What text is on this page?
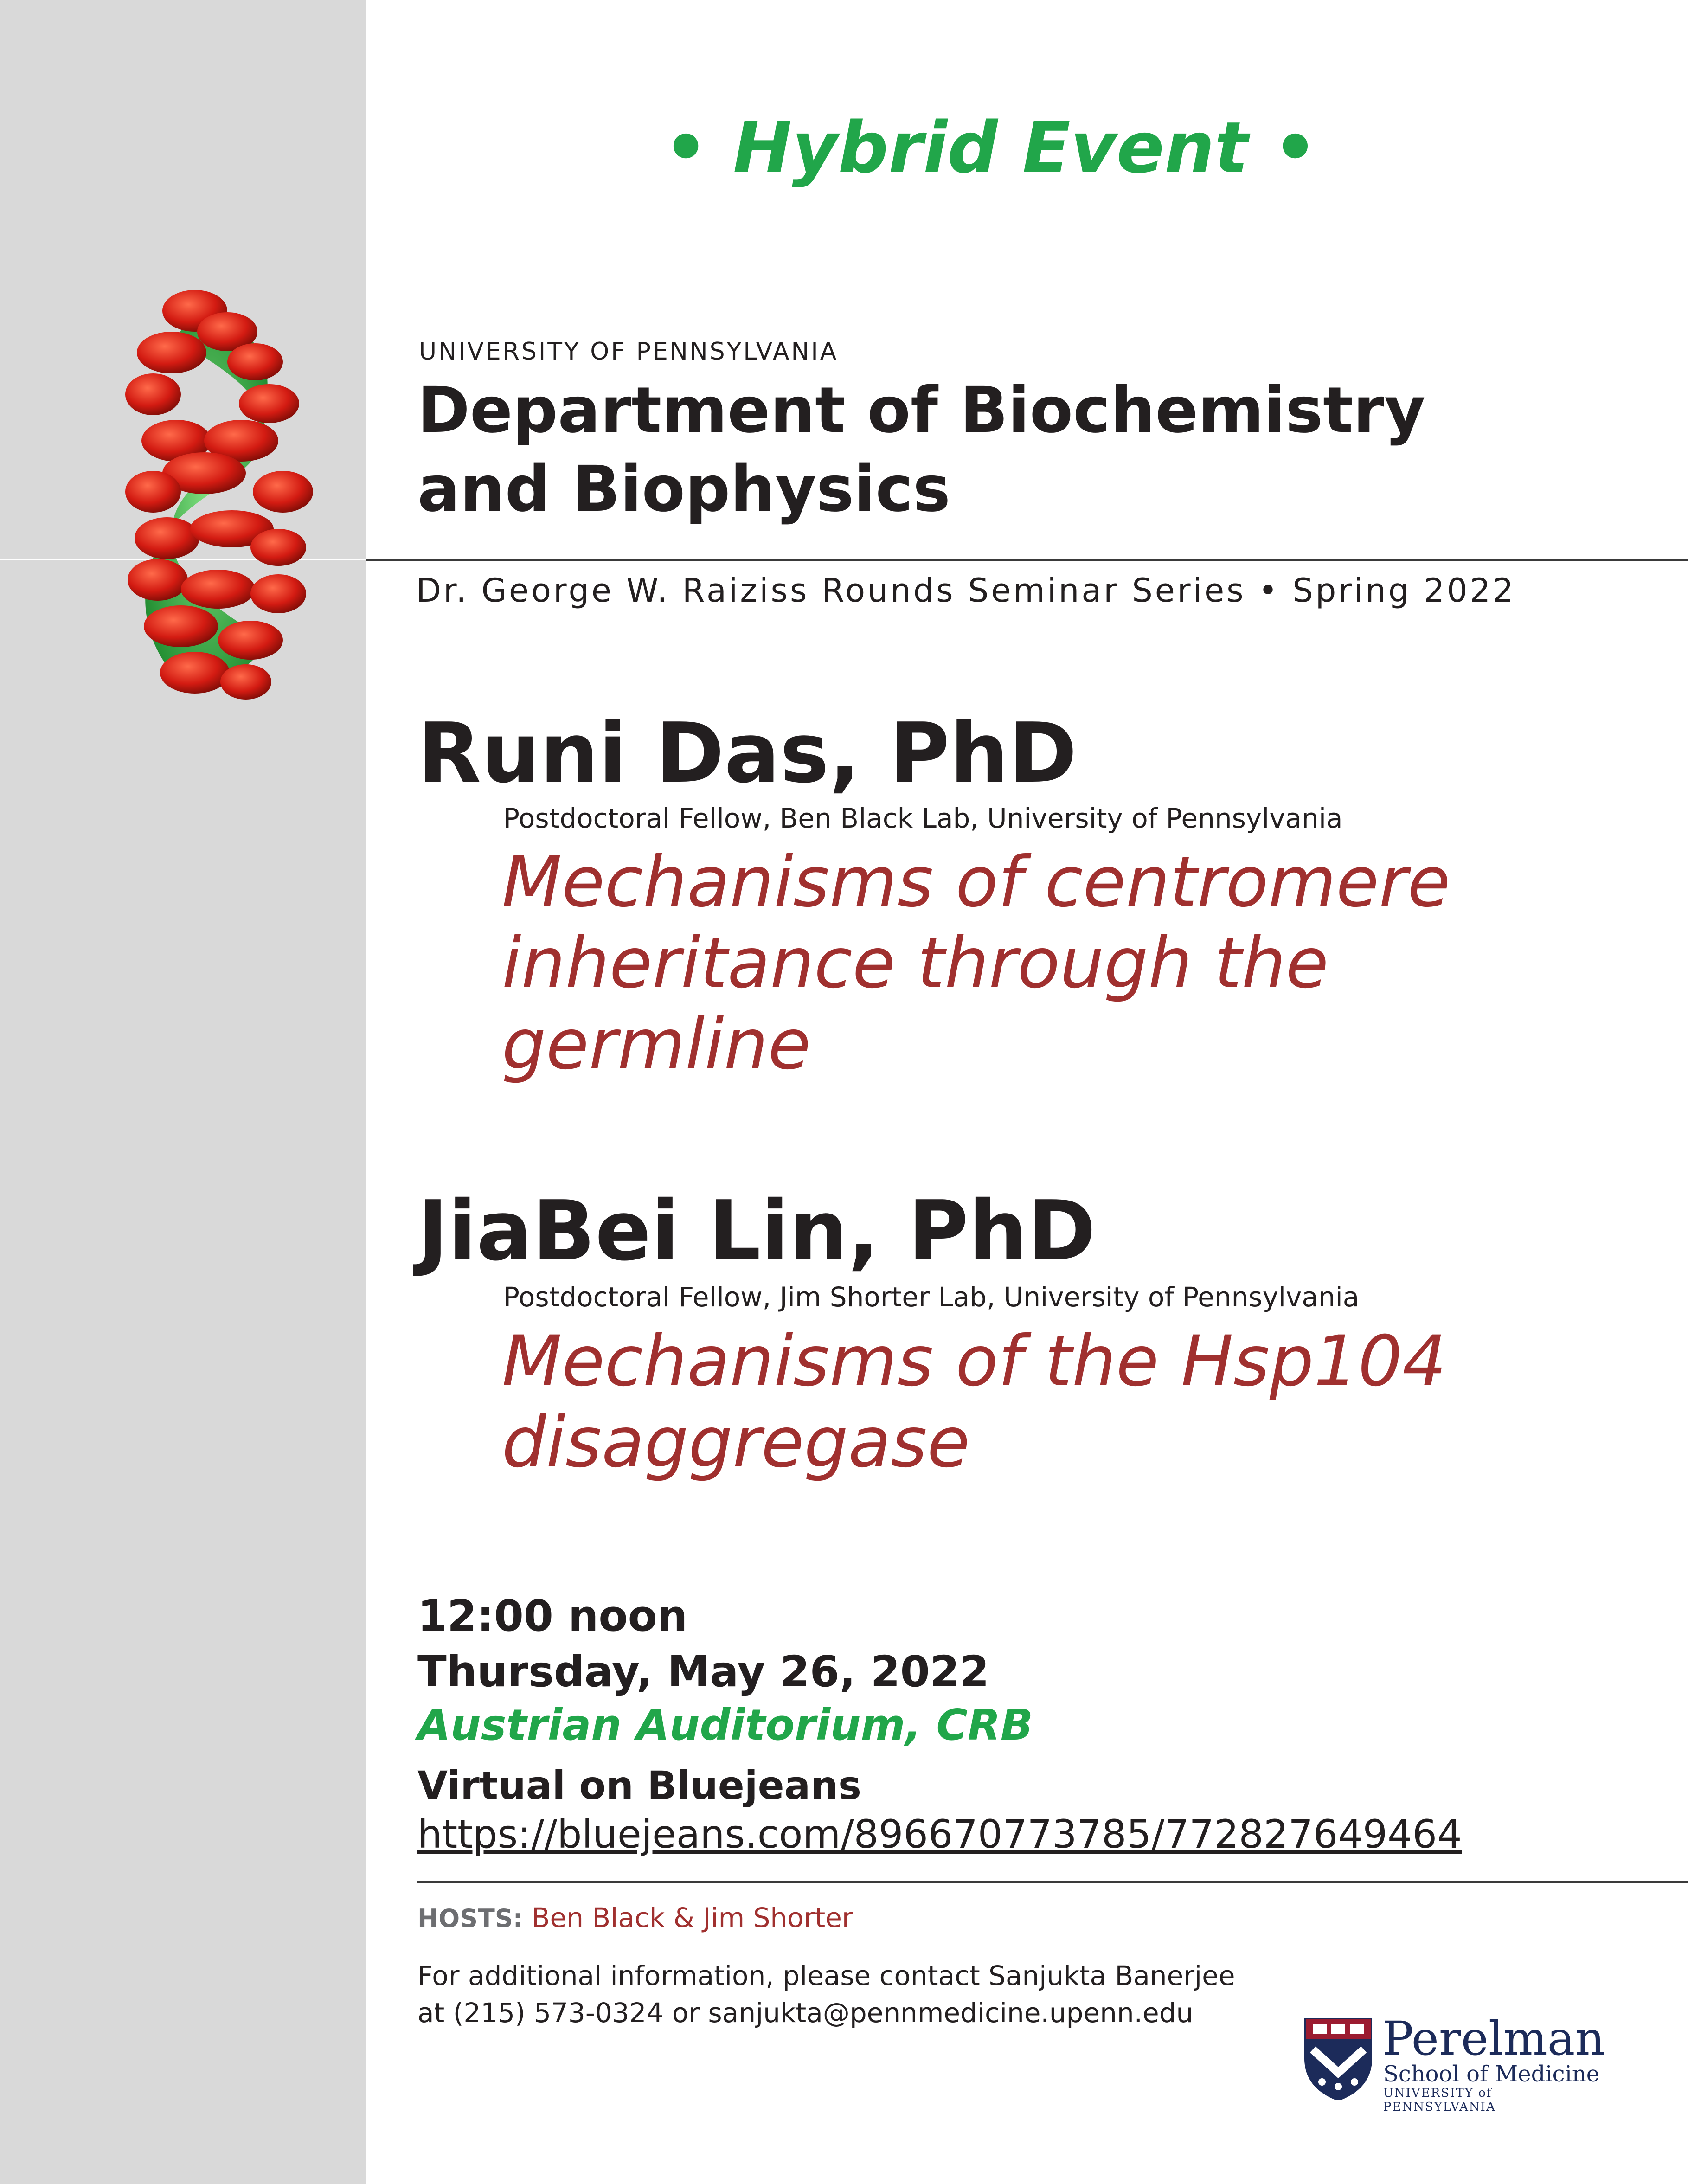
• Hybrid Event •

UNIVERSITY OF PENNSYLVANIA

Department of Biochemistry

and Biophysics

Dr. George W. Raiziss Rounds Seminar Series • Spring 2022

Runi Das, PhD

Postdoctoral Fellow, Ben Black Lab, University of Pennsylvania

Mechanisms of centromere inheritance through the germline

JiaBei Lin, PhD

Postdoctoral Fellow, Jim Shorter Lab, University of Pennsylvania

Mechanisms of the Hsp104 disaggregase

12:00 noon

Thursday, May 26, 2022

Austrian Auditorium, CRB

Virtual on Bluejeans

https://bluejeans.com/896670773785/772827649464

HOSTS: Ben Black & Jim Shorter

For additional information, please contact Sanjukta Banerjee

at (215) 573-0324 or sanjukta@pennmedicine.upenn.edu	Perelman
School of Medicine
UNIVERSITY of PENNSYLVANIA
